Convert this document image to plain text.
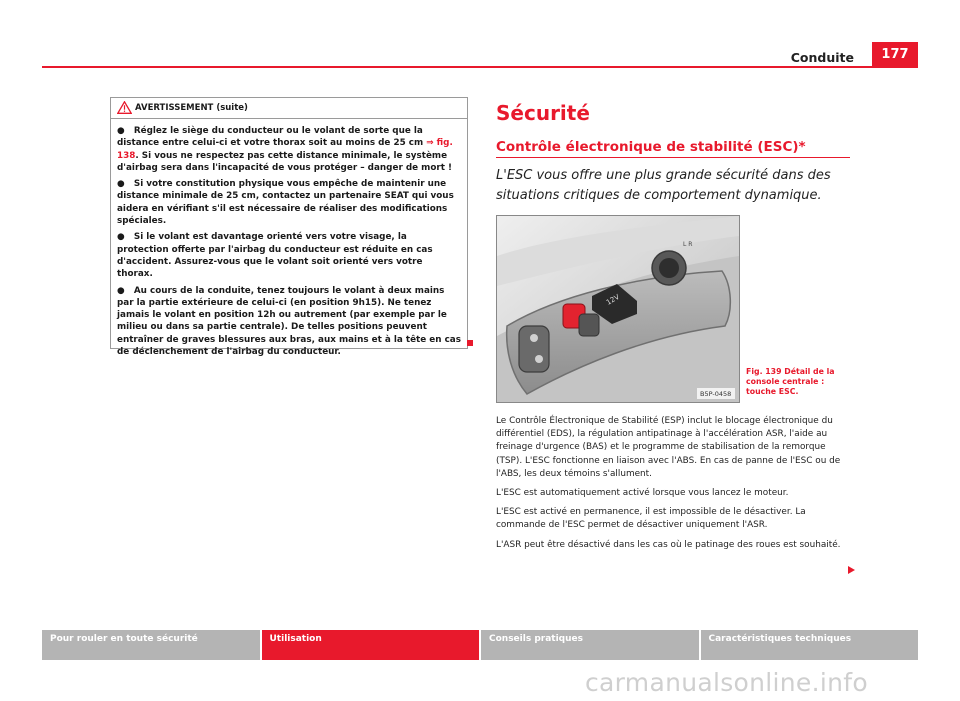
Conduite	177
AVERTISSEMENT (suite)

●   Réglez le siège du conducteur ou le volant de sorte que la distance entre celui-ci et votre thorax soit au moins de 25 cm ⇒ fig. 138. Si vous ne respectez pas cette distance minimale, le système d'airbag sera dans l'incapacité de vous protéger – danger de mort !

●   Si votre constitution physique vous empêche de maintenir une distance minimale de 25 cm, contactez un partenaire SEAT qui vous aidera en vérifiant s'il est nécessaire de réaliser des modifications spéciales.

●   Si le volant est davantage orienté vers votre visage, la protection offerte par l'airbag du conducteur est réduite en cas d'accident. Assurez-vous que le volant soit orienté vers votre thorax.

●   Au cours de la conduite, tenez toujours le volant à deux mains par la partie extérieure de celui-ci (en position 9h15). Ne tenez jamais le volant en position 12h ou autrement (par exemple par le milieu ou dans sa partie centrale). De telles positions peuvent entraîner de graves blessures aux bras, aux mains et à la tête en cas de déclenchement de l'airbag du conducteur.

Sécurité
Contrôle électronique de stabilité (ESC)*
L'ESC vous offre une plus grande sécurité dans des situations critiques de comportement dynamique.
L R
12V
B5P-0458
Fig. 139 Détail de la console centrale : touche ESC.

Le Contrôle Électronique de Stabilité (ESP) inclut le blocage électronique du différentiel (EDS), la régulation antipatinage à l'accélération ASR, l'aide au freinage d'urgence (BAS) et le programme de stabilisation de la remorque (TSP). L'ESC fonctionne en liaison avec l'ABS. En cas de panne de l'ESC ou de l'ABS, les deux témoins s'allument.

L'ESC est automatiquement activé lorsque vous lancez le moteur.

L'ESC est activé en permanence, il est impossible de le désactiver. La commande de l'ESC permet de désactiver uniquement l'ASR.

L'ASR peut être désactivé dans les cas où le patinage des roues est souhaité.

Pour rouler en toute sécurité	Utilisation	Conseils pratiques	Caractéristiques techniques
carmanualsonline.info
